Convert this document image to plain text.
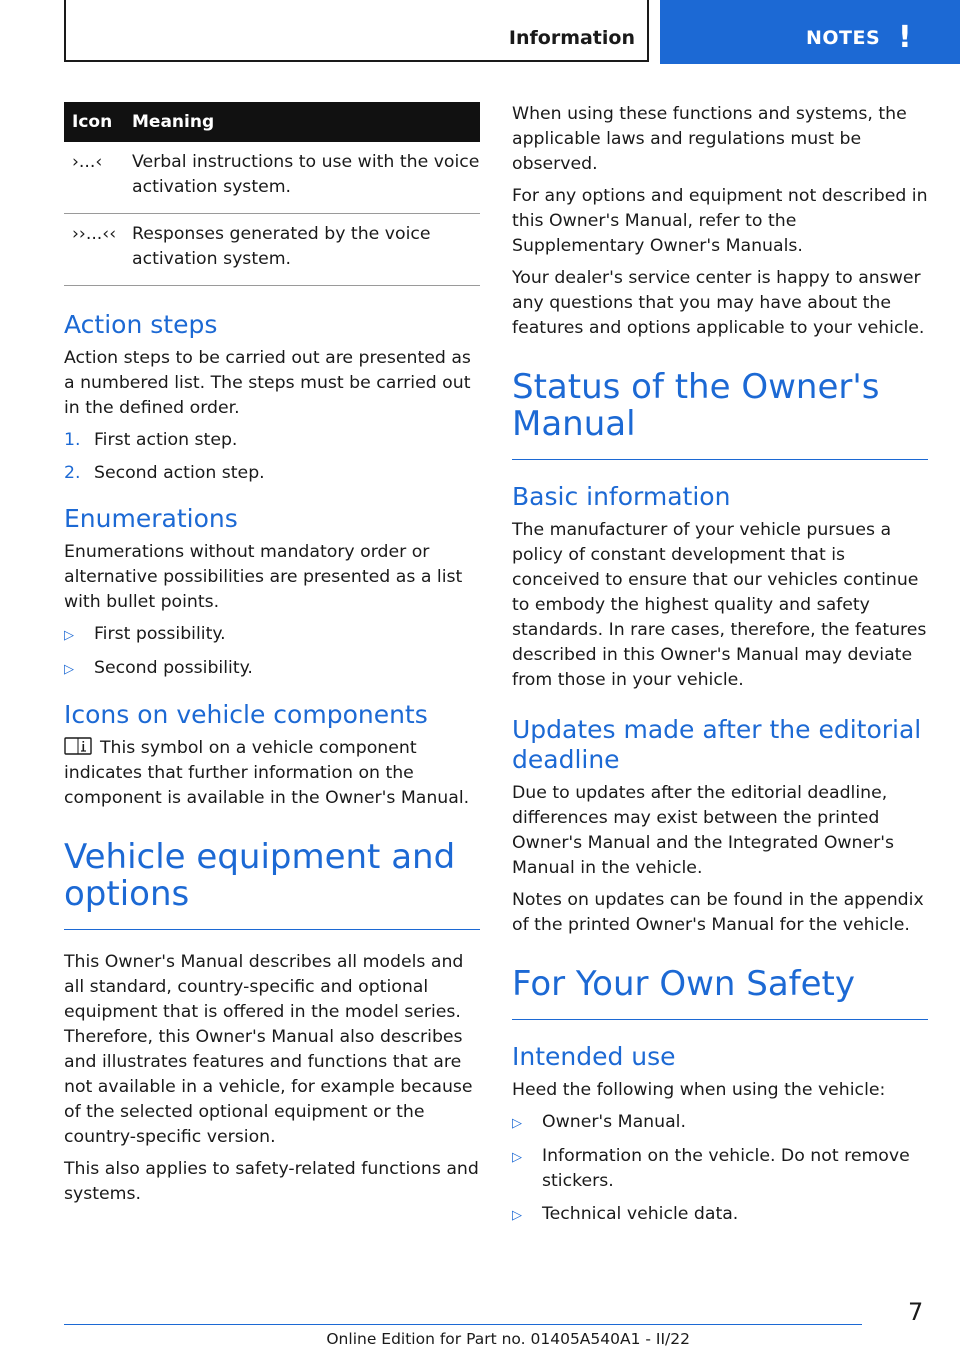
Information	NOTES !
Icon	Meaning
›...‹	Verbal instructions to use with the voice activation system.
››...‹‹	Responses generated by the voice activation system.
Action steps

Action steps to be carried out are presented as a numbered list. The steps must be carried out in the defined order.

1. First action step.
2. Second action step.
Enumerations

Enumerations without mandatory order or alternative possibilities are presented as a list with bullet points.

▷	First possibility.
▷	Second possibility.
Icons on vehicle components

This symbol on a vehicle component indicates that further information on the component is available in the Owner's Manual.

Vehicle equipment and options

This Owner's Manual describes all models and all standard, country-specific and optional equipment that is offered in the model series. Therefore, this Owner's Manual also describes and illustrates features and functions that are not available in a vehicle, for example because of the selected optional equipment or the country-specific version.

This also applies to safety-related functions and systems.

When using these functions and systems, the applicable laws and regulations must be observed.

For any options and equipment not described in this Owner's Manual, refer to the Supplementary Owner's Manuals.

Your dealer's service center is happy to answer any questions that you may have about the features and options applicable to your vehicle.

Status of the Owner's Manual
Basic information

The manufacturer of your vehicle pursues a policy of constant development that is conceived to ensure that our vehicles continue to embody the highest quality and safety standards. In rare cases, therefore, the features described in this Owner's Manual may deviate from those in your vehicle.

Updates made after the editorial deadline

Due to updates after the editorial deadline, differences may exist between the printed Owner's Manual and the Integrated Owner's Manual in the vehicle.

Notes on updates can be found in the appendix of the printed Owner's Manual for the vehicle.

For Your Own Safety
Intended use

Heed the following when using the vehicle:

▷	Owner's Manual.
▷	Information on the vehicle. Do not remove stickers.
▷	Technical vehicle data.
Online Edition for Part no. 01405A540A1 - II/22
7
